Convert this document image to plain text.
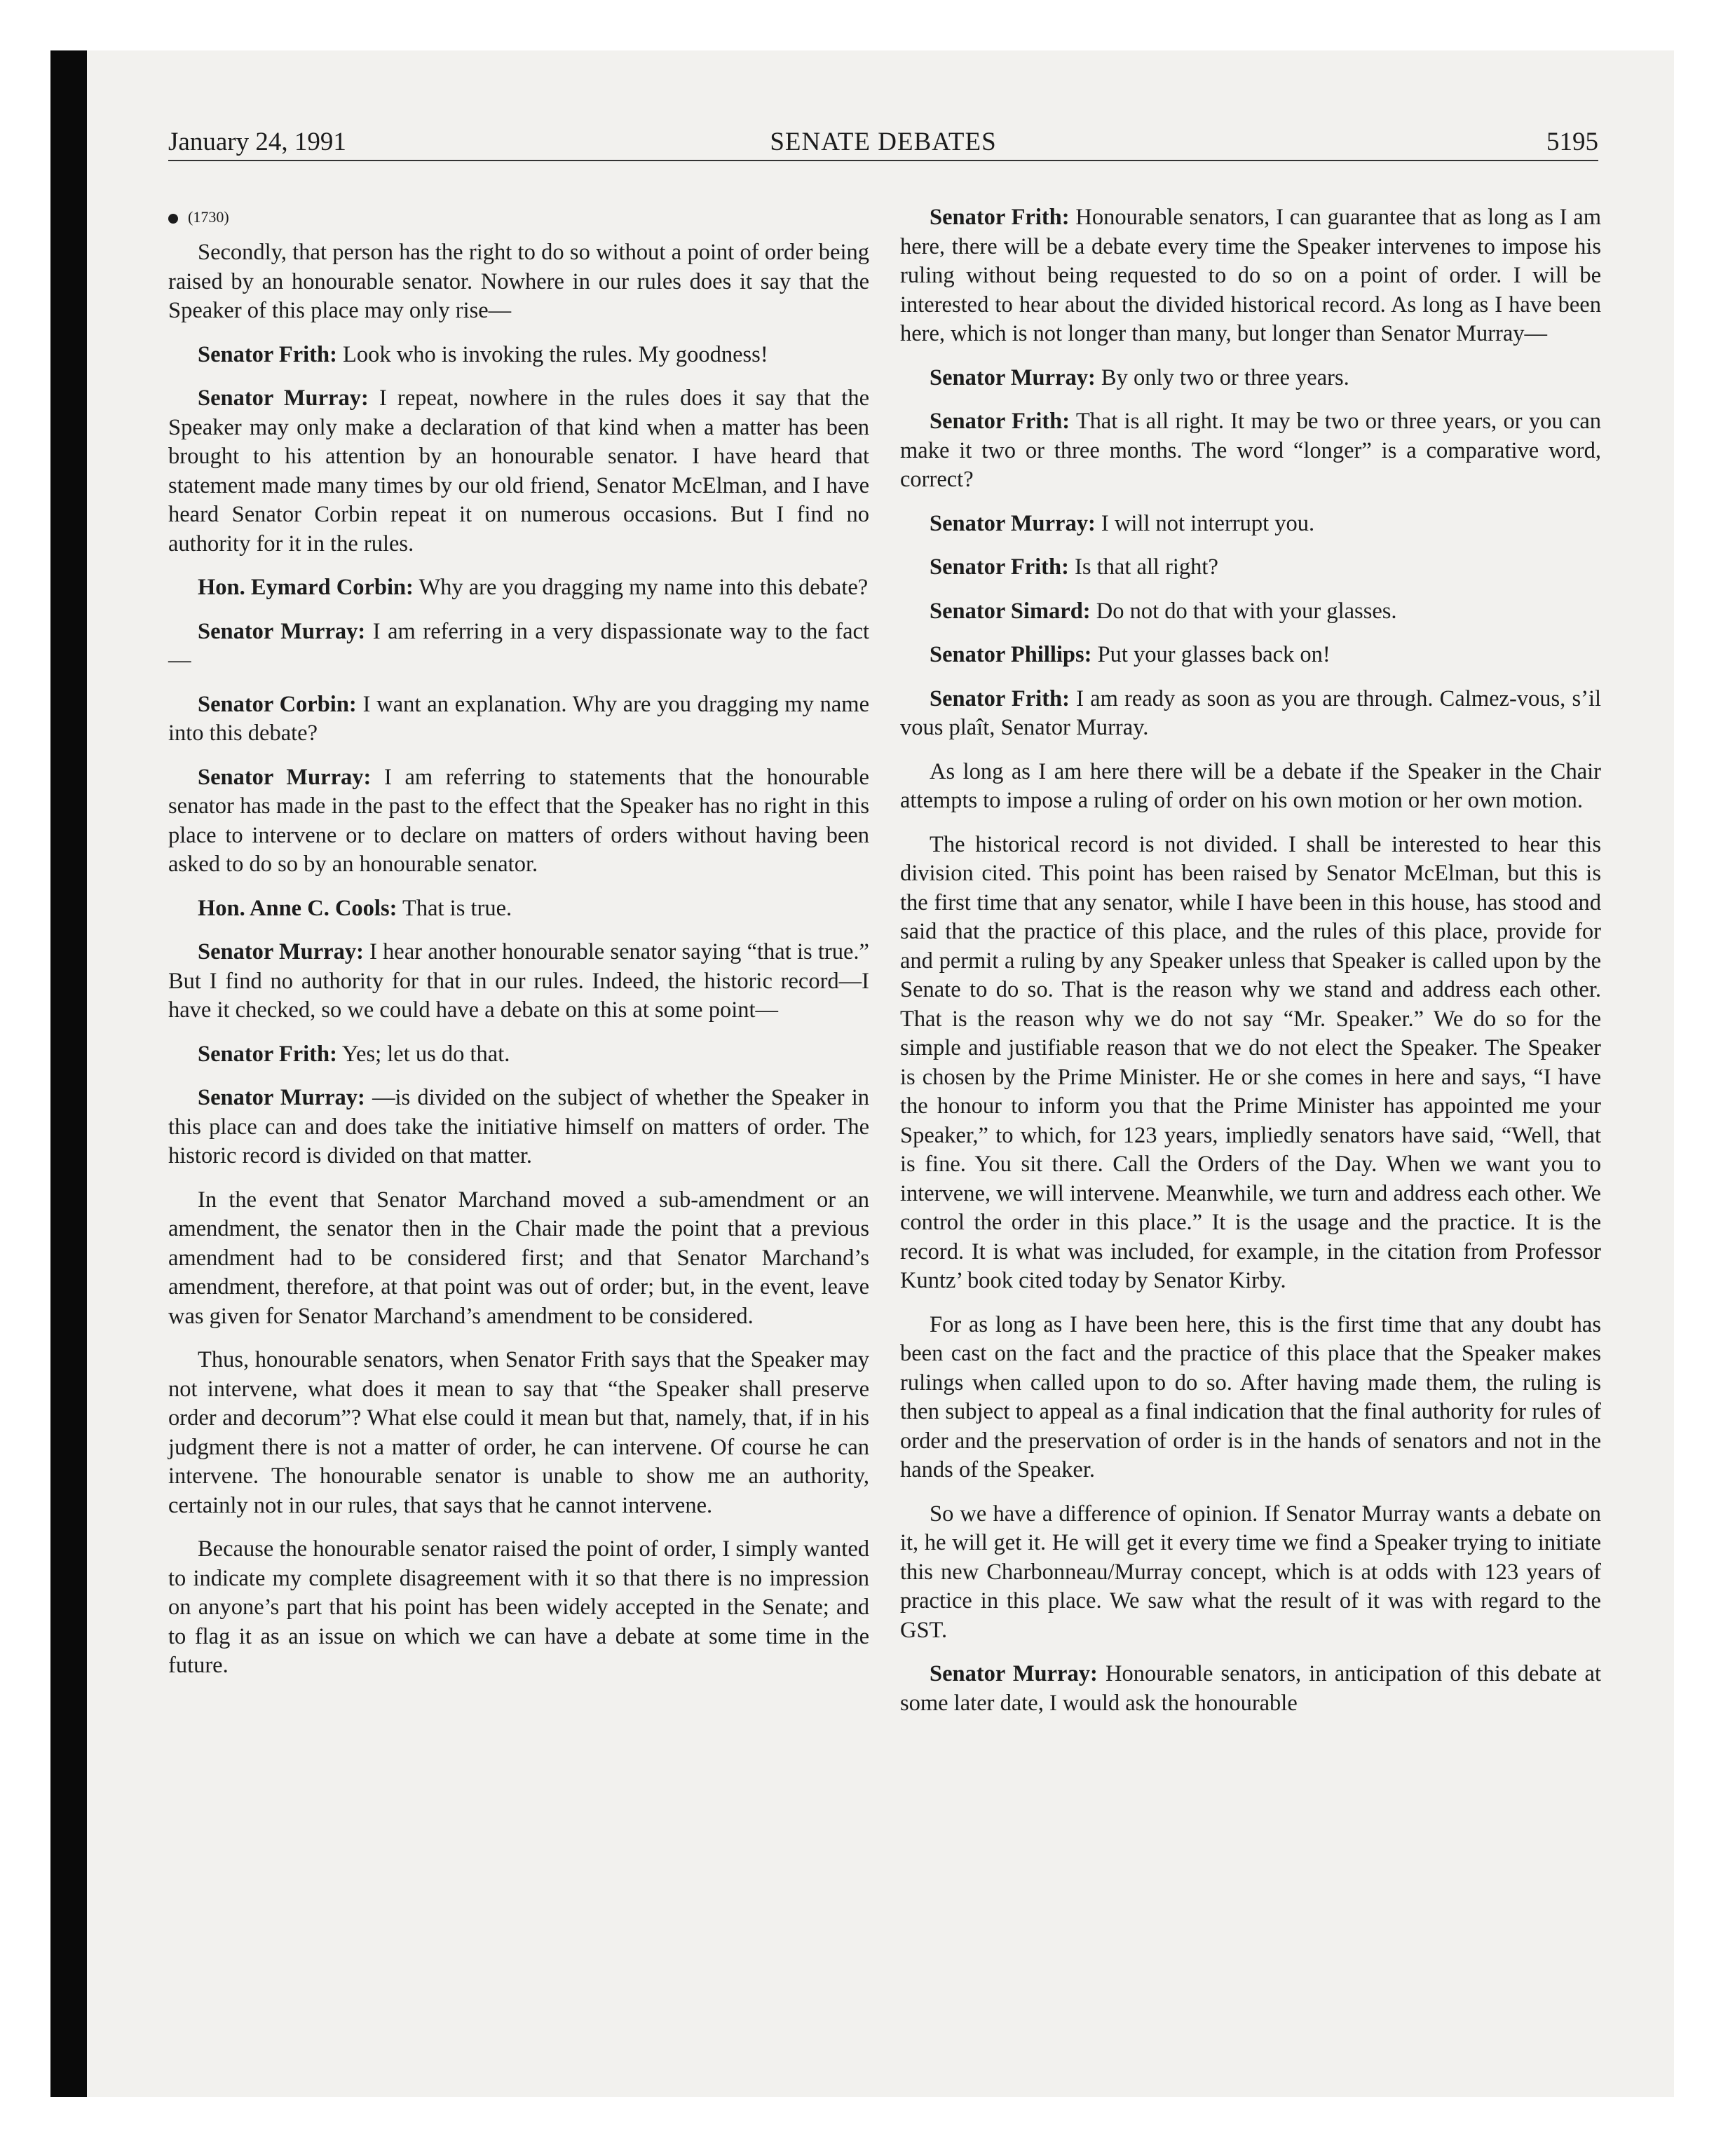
January 24, 1991	SENATE DEBATES	5195
(1730)

Secondly, that person has the right to do so without a point of order being raised by an honourable senator. Nowhere in our rules does it say that the Speaker of this place may only rise—

Senator Frith: Look who is invoking the rules. My goodness!

Senator Murray: I repeat, nowhere in the rules does it say that the Speaker may only make a declaration of that kind when a matter has been brought to his attention by an honourable senator. I have heard that statement made many times by our old friend, Senator McElman, and I have heard Senator Corbin repeat it on numerous occasions. But I find no authority for it in the rules.

Hon. Eymard Corbin: Why are you dragging my name into this debate?

Senator Murray: I am referring in a very dispassionate way to the fact—

Senator Corbin: I want an explanation. Why are you dragging my name into this debate?

Senator Murray: I am referring to statements that the honourable senator has made in the past to the effect that the Speaker has no right in this place to intervene or to declare on matters of orders without having been asked to do so by an honourable senator.

Hon. Anne C. Cools: That is true.

Senator Murray: I hear another honourable senator saying “that is true.” But I find no authority for that in our rules. Indeed, the historic record—I have it checked, so we could have a debate on this at some point—

Senator Frith: Yes; let us do that.

Senator Murray: —is divided on the subject of whether the Speaker in this place can and does take the initiative himself on matters of order. The historic record is divided on that matter.

In the event that Senator Marchand moved a sub-amendment or an amendment, the senator then in the Chair made the point that a previous amendment had to be considered first; and that Senator Marchand’s amendment, therefore, at that point was out of order; but, in the event, leave was given for Senator Marchand’s amendment to be considered.

Thus, honourable senators, when Senator Frith says that the Speaker may not intervene, what does it mean to say that “the Speaker shall preserve order and decorum”? What else could it mean but that, namely, that, if in his judgment there is not a matter of order, he can intervene. Of course he can intervene. The honourable senator is unable to show me an authority, certainly not in our rules, that says that he cannot intervene.

Because the honourable senator raised the point of order, I simply wanted to indicate my complete disagreement with it so that there is no impression on anyone’s part that his point has been widely accepted in the Senate; and to flag it as an issue on which we can have a debate at some time in the future.

Senator Frith: Honourable senators, I can guarantee that as long as I am here, there will be a debate every time the Speaker intervenes to impose his ruling without being requested to do so on a point of order. I will be interested to hear about the divided historical record. As long as I have been here, which is not longer than many, but longer than Senator Murray—

Senator Murray: By only two or three years.

Senator Frith: That is all right. It may be two or three years, or you can make it two or three months. The word “longer” is a comparative word, correct?

Senator Murray: I will not interrupt you.

Senator Frith: Is that all right?

Senator Simard: Do not do that with your glasses.

Senator Phillips: Put your glasses back on!

Senator Frith: I am ready as soon as you are through. Calmez-vous, s’il vous plaît, Senator Murray.

As long as I am here there will be a debate if the Speaker in the Chair attempts to impose a ruling of order on his own motion or her own motion.

The historical record is not divided. I shall be interested to hear this division cited. This point has been raised by Senator McElman, but this is the first time that any senator, while I have been in this house, has stood and said that the practice of this place, and the rules of this place, provide for and permit a ruling by any Speaker unless that Speaker is called upon by the Senate to do so. That is the reason why we stand and address each other. That is the reason why we do not say “Mr. Speaker.” We do so for the simple and justifiable reason that we do not elect the Speaker. The Speaker is chosen by the Prime Minister. He or she comes in here and says, “I have the honour to inform you that the Prime Minister has appointed me your Speaker,” to which, for 123 years, impliedly senators have said, “Well, that is fine. You sit there. Call the Orders of the Day. When we want you to intervene, we will intervene. Meanwhile, we turn and address each other. We control the order in this place.” It is the usage and the practice. It is the record. It is what was included, for example, in the citation from Professor Kuntz’ book cited today by Senator Kirby.

For as long as I have been here, this is the first time that any doubt has been cast on the fact and the practice of this place that the Speaker makes rulings when called upon to do so. After having made them, the ruling is then subject to appeal as a final indication that the final authority for rules of order and the preservation of order is in the hands of senators and not in the hands of the Speaker.

So we have a difference of opinion. If Senator Murray wants a debate on it, he will get it. He will get it every time we find a Speaker trying to initiate this new Charbonneau/Murray concept, which is at odds with 123 years of practice in this place. We saw what the result of it was with regard to the GST.

Senator Murray: Honourable senators, in anticipation of this debate at some later date, I would ask the honourable
